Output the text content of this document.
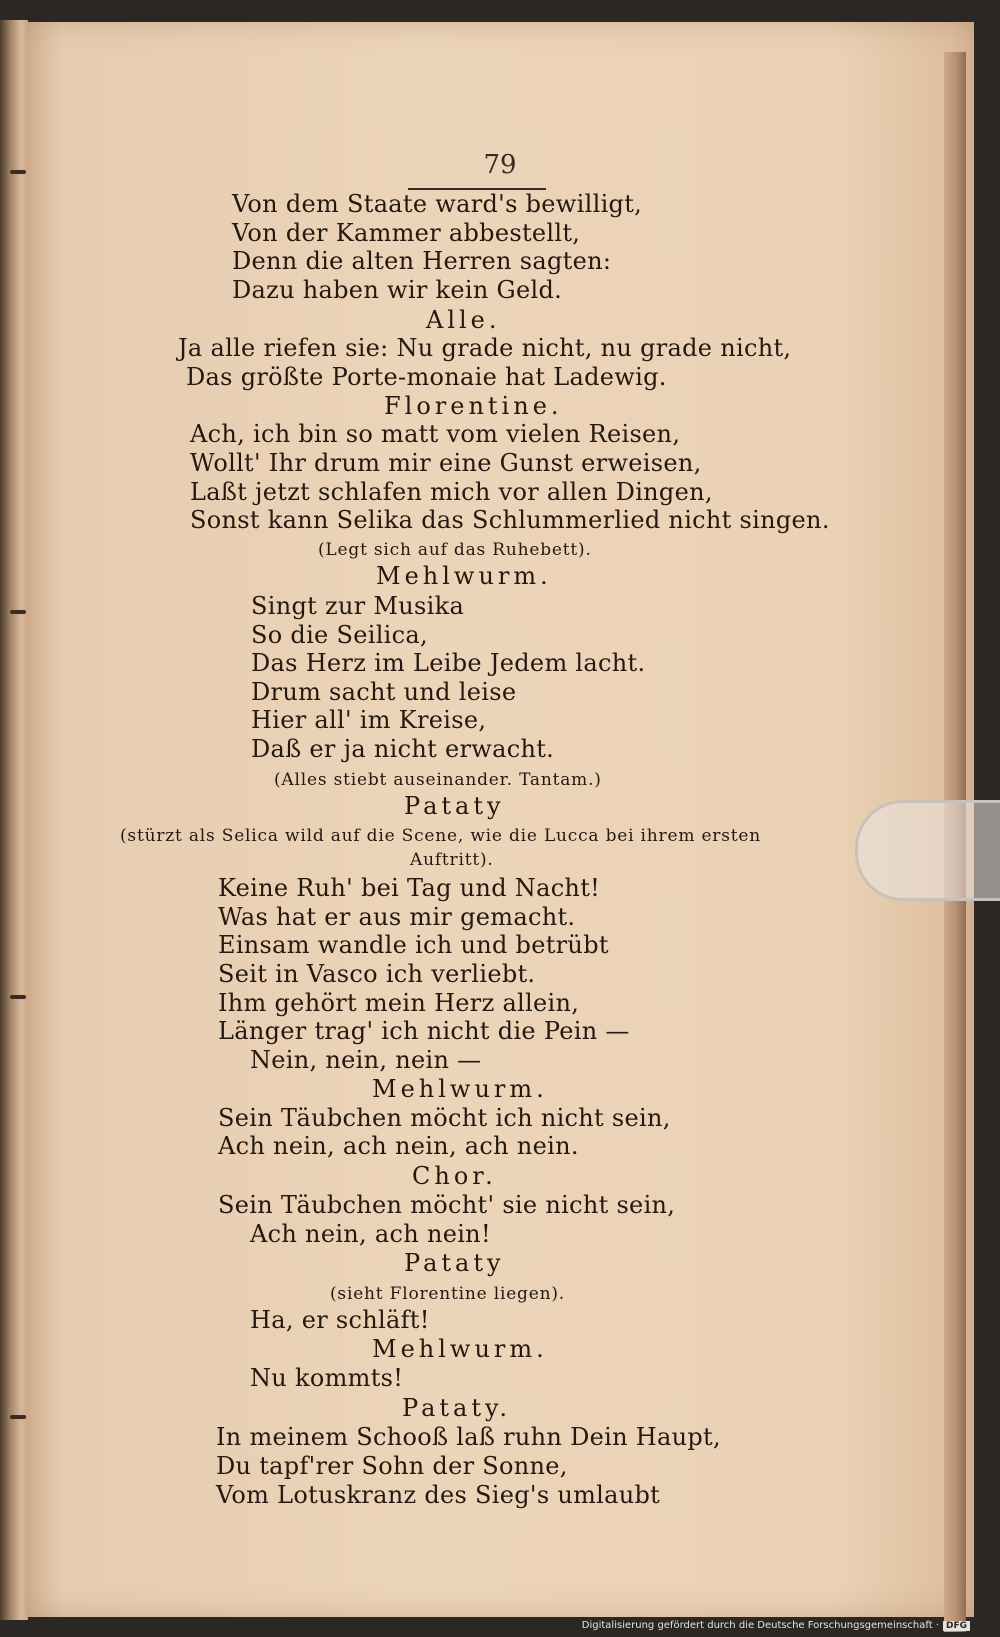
79
Von dem Staate ward's bewilligt,
Von der Kammer abbestellt,
Denn die alten Herren sagten:
Dazu haben wir kein Geld.
Alle.
Ja alle riefen sie: Nu grade nicht, nu grade nicht,
Das größte Porte-monaie hat Ladewig.
Florentine.
Ach, ich bin so matt vom vielen Reisen,
Wollt' Ihr drum mir eine Gunst erweisen,
Laßt jetzt schlafen mich vor allen Dingen,
Sonst kann Selika das Schlummerlied nicht singen.
(Legt sich auf das Ruhebett).
Mehlwurm.
Singt zur Musika
So die Seilica,
Das Herz im Leibe Jedem lacht.
Drum sacht und leise
Hier all' im Kreise,
Daß er ja nicht erwacht.
(Alles stiebt auseinander. Tantam.)
Pataty
(stürzt als Selica wild auf die Scene, wie die Lucca bei ihrem ersten
Auftritt).
Keine Ruh' bei Tag und Nacht!
Was hat er aus mir gemacht.
Einsam wandle ich und betrübt
Seit in Vasco ich verliebt.
Ihm gehört mein Herz allein,
Länger trag' ich nicht die Pein —
Nein, nein, nein —
Mehlwurm.
Sein Täubchen möcht ich nicht sein,
Ach nein, ach nein, ach nein.
Chor.
Sein Täubchen möcht' sie nicht sein,
Ach nein, ach nein!
Pataty
(sieht Florentine liegen).
Ha, er schläft!
Mehlwurm.
Nu kommts!
Pataty.
In meinem Schooß laß ruhn Dein Haupt,
Du tapf'rer Sohn der Sonne,
Vom Lotuskranz des Sieg's umlaubt
Digitalisierung gefördert durch die Deutsche Forschungsgemeinschaft · DFG
